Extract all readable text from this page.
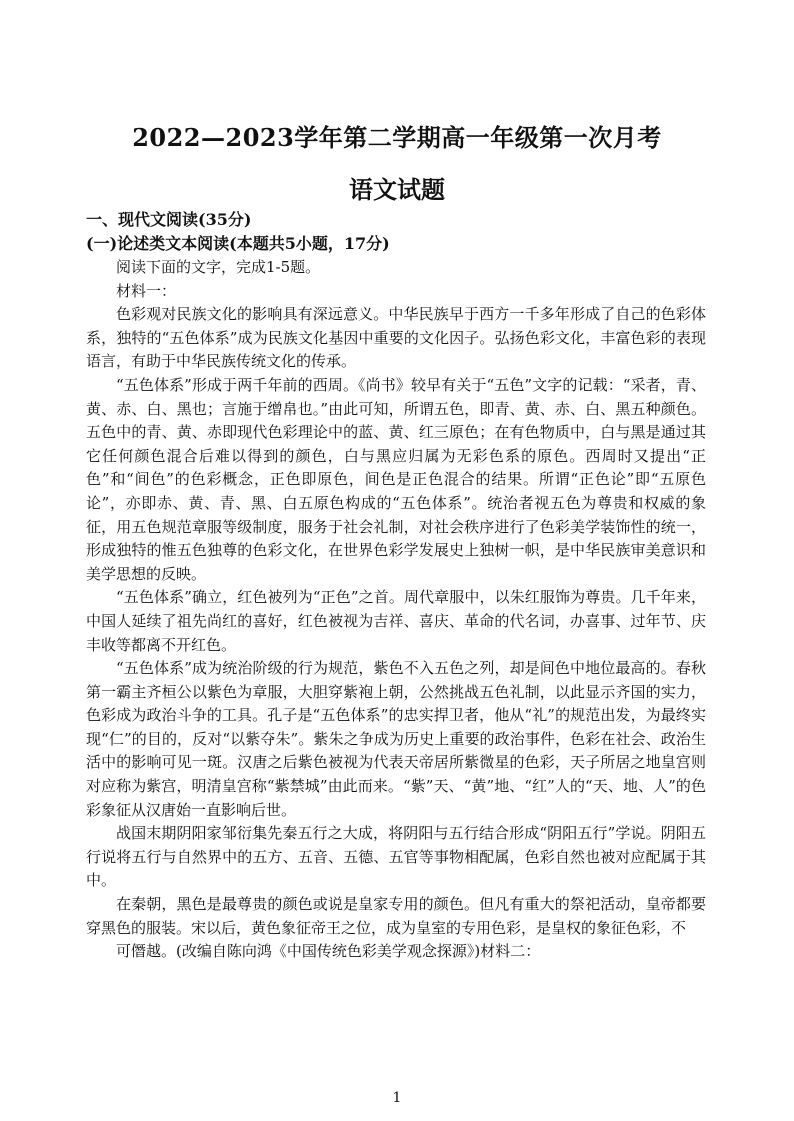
2022—2023学年第二学期高一年级第一次月考
语文试题
一、现代文阅读(35分)
(一)论述类文本阅读(本题共5小题，17分)

阅读下面的文字，完成1-5题。

材料一：

色彩观对民族文化的影响具有深远意义。中华民族早于西方一千多年形成了自己的色彩体系，独特的“五色体系”成为民族文化基因中重要的文化因子。弘扬色彩文化，丰富色彩的表现语言，有助于中华民族传统文化的传承。

“五色体系”形成于两千年前的西周。《尚书》较早有关于“五色”文字的记载：“采者，青、黄、赤、白、黑也；言施于缯帛也。”由此可知，所谓五色，即青、黄、赤、白、黑五种颜色。五色中的青、黄、赤即现代色彩理论中的蓝、黄、红三原色；在有色物质中，白与黑是通过其它任何颜色混合后难以得到的颜色，白与黑应归属为无彩色系的原色。西周时又提出“正色”和“间色”的色彩概念，正色即原色，间色是正色混合的结果。所谓“正色论”即“五原色论”，亦即赤、黄、青、黑、白五原色构成的“五色体系”。统治者视五色为尊贵和权威的象征，用五色规范章服等级制度，服务于社会礼制，对社会秩序进行了色彩美学装饰性的统一，形成独特的惟五色独尊的色彩文化，在世界色彩学发展史上独树一帜，是中华民族审美意识和美学思想的反映。

“五色体系”确立，红色被列为“正色”之首。周代章服中，以朱红服饰为尊贵。几千年来，中国人延续了祖先尚红的喜好，红色被视为吉祥、喜庆、革命的代名词，办喜事、过年节、庆丰收等都离不开红色。

“五色体系”成为统治阶级的行为规范，紫色不入五色之列，却是间色中地位最高的。春秋第一霸主齐桓公以紫色为章服，大胆穿紫袍上朝，公然挑战五色礼制，以此显示齐国的实力，色彩成为政治斗争的工具。孔子是“五色体系”的忠实捍卫者，他从“礼”的规范出发，为最终实现“仁”的目的，反对“以紫夺朱”。紫朱之争成为历史上重要的政治事件，色彩在社会、政治生活中的影响可见一斑。汉唐之后紫色被视为代表天帝居所紫微星的色彩，天子所居之地皇宫则对应称为紫宫，明清皇宫称“紫禁城”由此而来。“紫”天、“黄”地、“红”人的“天、地、人”的色彩象征从汉唐始一直影响后世。

战国末期阴阳家邹衍集先秦五行之大成，将阴阳与五行结合形成“阴阳五行”学说。阴阳五行说将五行与自然界中的五方、五音、五德、五官等事物相配属，色彩自然也被对应配属于其中。

在秦朝，黑色是最尊贵的颜色或说是皇家专用的颜色。但凡有重大的祭祀活动，皇帝都要穿黑色的服装。宋以后，黄色象征帝王之位，成为皇室的专用色彩，是皇权的象征色彩，不

可僭越。(改编自陈向鸿《中国传统色彩美学观念探源》)材料二：

1
